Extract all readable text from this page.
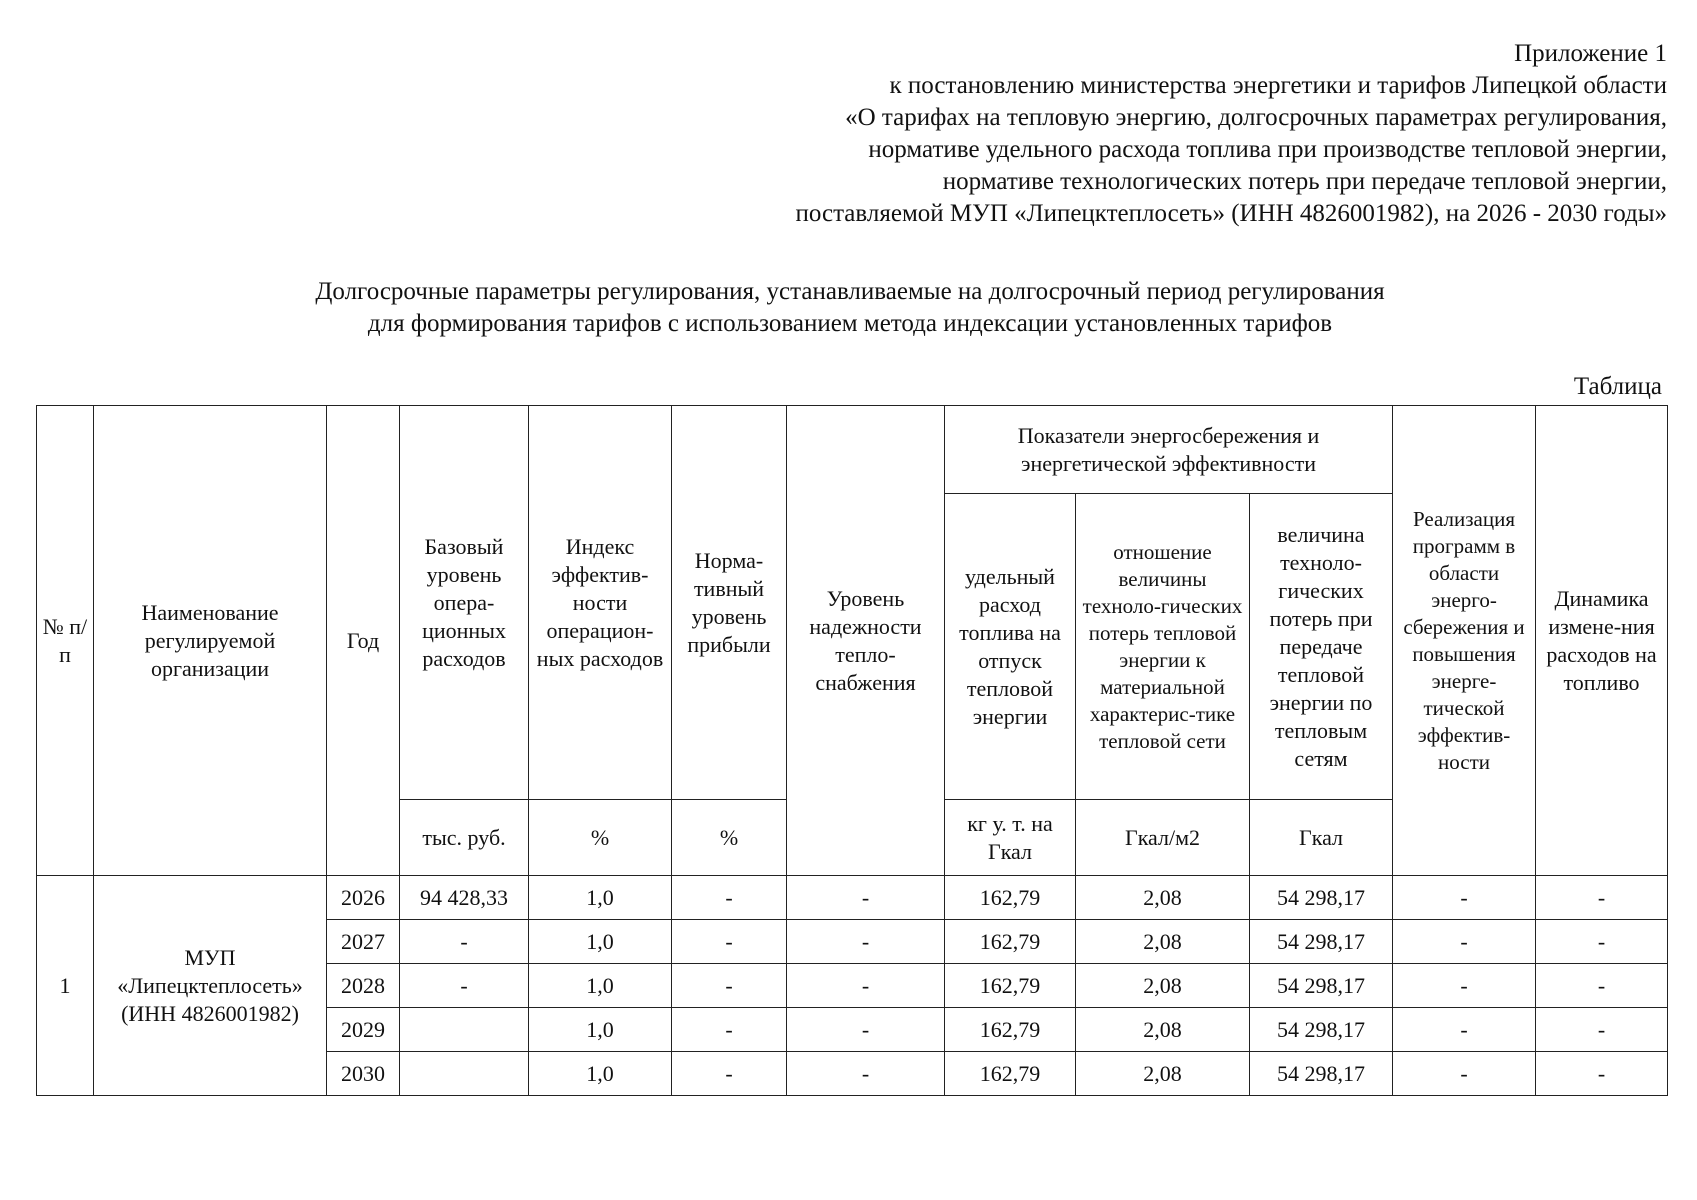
Приложение 1
к постановлению министерства энергетики и тарифов Липецкой области
«О тарифах на тепловую энергию, долгосрочных параметрах регулирования,
нормативе удельного расхода топлива при производстве тепловой энергии,
нормативе технологических потерь при передаче тепловой энергии,
поставляемой МУП «Липецктеплосеть» (ИНН 4826001982), на 2026 - 2030 годы»
Долгосрочные параметры регулирования, устанавливаемые на долгосрочный период регулирования
для формирования тарифов с использованием метода индексации установленных тарифов
Таблица
№ п/п	Наименование регулируемой организации	Год	Базовый уровень опера-ционных расходов	Индекс эффектив-ности операцион-ных расходов	Норма-тивный уровень прибыли	Уровень надежности тепло-снабжения	Показатели энергосбережения и энергетической эффективности			Реализация программ в области энерго-сбережения и повышения энерге-тической эффектив-ности	Динамика измене-ния расходов на топливо
							удельный расход топлива на отпуск тепловой энергии	отношение величины техноло-гических потерь тепловой энергии к материальной характерис-тике тепловой сети	величина техноло-гических потерь при передаче тепловой энергии по тепловым сетям		
			тыс. руб.	%	%		кг у. т. на Гкал	Гкал/м2	Гкал		
1	МУП «Липецктеплосеть» (ИНН 4826001982)	2026	94 428,33	1,0	-	-	162,79	2,08	54 298,17	-	-
		2027	-	1,0	-	-	162,79	2,08	54 298,17	-	-
		2028	-	1,0	-	-	162,79	2,08	54 298,17	-	-
		2029		1,0	-	-	162,79	2,08	54 298,17	-	-
		2030		1,0	-	-	162,79	2,08	54 298,17	-	-
